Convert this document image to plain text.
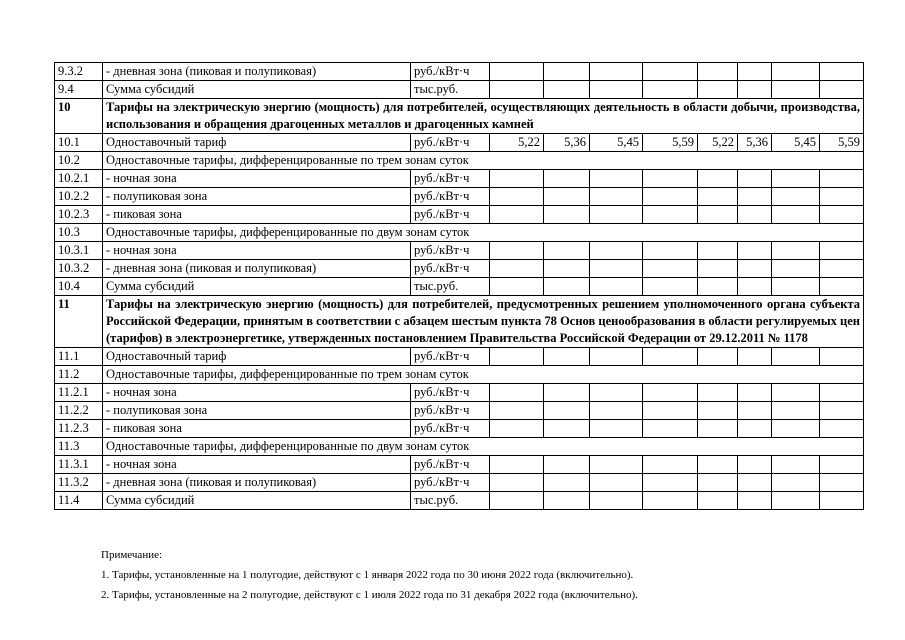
9.3.2	- дневная зона (пиковая и полупиковая)	руб./кВт·ч								
9.4	Сумма субсидий	тыс.руб.								
10	Тарифы на электрическую энергию (мощность) для потребителей, осуществляющих деятельность в области добычи, производства, использования и обращения драгоценных металлов и драгоценных камней									
10.1	Одноставочный тариф	руб./кВт·ч	5,22	5,36	5,45	5,59	5,22	5,36	5,45	5,59
10.2	Одноставочные тарифы, дифференцированные по трем зонам суток									
10.2.1	- ночная зона	руб./кВт·ч								
10.2.2	- полупиковая зона	руб./кВт·ч								
10.2.3	- пиковая зона	руб./кВт·ч								
10.3	Одноставочные тарифы, дифференцированные по двум зонам суток									
10.3.1	- ночная зона	руб./кВт·ч								
10.3.2	- дневная зона (пиковая и полупиковая)	руб./кВт·ч								
10.4	Сумма субсидий	тыс.руб.								
11	Тарифы на электрическую энергию (мощность) для потребителей, предусмотренных решением уполномоченного органа субъекта Российской Федерации, принятым в соответствии с абзацем шестым пункта 78 Основ ценообразования в области регулируемых цен (тарифов) в электроэнергетике, утвержденных постановлением Правительства Российской Федерации от 29.12.2011 № 1178									
11.1	Одноставочный тариф	руб./кВт·ч								
11.2	Одноставочные тарифы, дифференцированные по трем зонам суток									
11.2.1	- ночная зона	руб./кВт·ч								
11.2.2	- полупиковая зона	руб./кВт·ч								
11.2.3	- пиковая зона	руб./кВт·ч								
11.3	Одноставочные тарифы, дифференцированные по двум зонам суток									
11.3.1	- ночная зона	руб./кВт·ч								
11.3.2	- дневная зона (пиковая и полупиковая)	руб./кВт·ч								
11.4	Сумма субсидий	тыс.руб.								
Примечание:
1. Тарифы, установленные на 1 полугодие, действуют с 1 января 2022 года по 30 июня 2022 года (включительно).
2. Тарифы, установленные на 2 полугодие, действуют с 1 июля 2022 года по 31 декабря 2022 года (включительно).
